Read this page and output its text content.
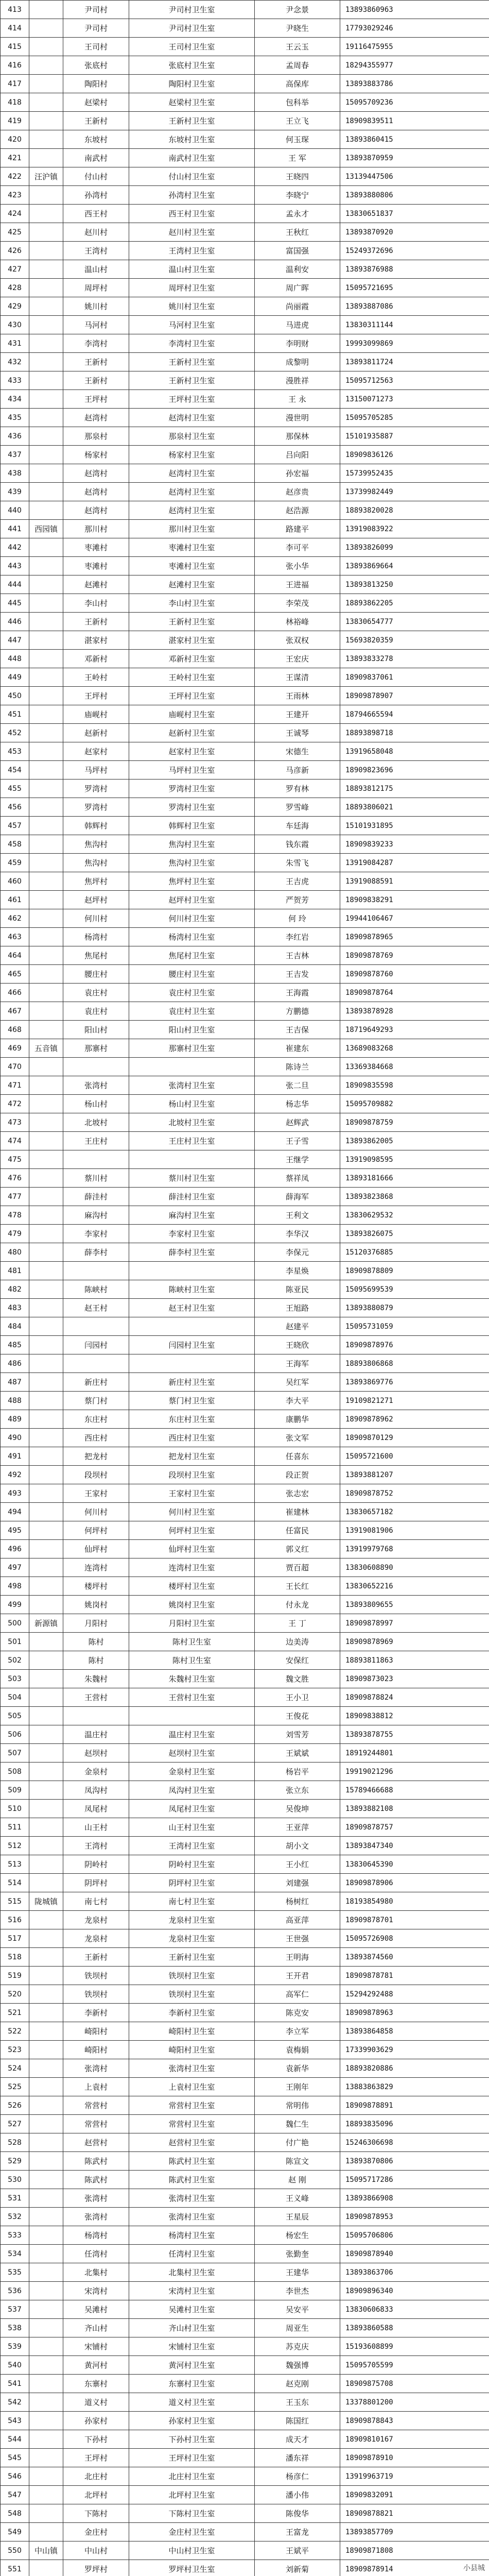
413		尹司村	尹司村卫生室	尹念景	13893860963
414		尹司村	尹司村卫生室	尹晓生	17793029246
415		王司村	王司村卫生室	王云玉	19116475955
416		张底村	张底村卫生室	孟周春	18294355977
417		陶阳村	陶阳村卫生室	高保库	13893883786
418		赵梁村	赵梁村卫生室	包科举	15095709236
419		王新村	王新村卫生室	王立飞	18909839511
420		东坡村	东坡村卫生室	何玉琛	13893860415
421		南武村	南武村卫生室	王 军	13893870959
422	汪沪镇	付山村	付山村卫生室	王晓四	13139447506
423		孙湾村	孙湾村卫生室	李晓宁	13893880806
424		西王村	西王村卫生室	孟永才	13830651837
425		赵川村	赵川村卫生室	王秋红	13893870920
426		王湾村	王湾村卫生室	富国强	15249372696
427		温山村	温山村卫生室	温利安	13893876988
428		周坪村	周坪村卫生室	周广晖	15095721695
429		姚川村	姚川村卫生室	尚丽霞	13893887086
430		马河村	马河村卫生室	马进虎	13830311144
431		李湾村	李湾村卫生室	李明财	19993099869
432		王新村	王新村卫生室	成黎明	13893811724
433		王新村	王新村卫生室	漫胜祥	15095712563
434		王坪村	王坪村卫生室	王 永	13150071273
435		赵湾村	赵湾村卫生室	漫世明	15095705285
436		那泉村	那泉村卫生室	那保林	15101935887
437		杨家村	杨家村卫生室	吕向阳	18909836126
438		赵湾村	赵湾村卫生室	孙宏福	15739952435
439		赵湾村	赵湾村卫生室	赵彦贵	13739982449
440		赵湾村	赵湾村卫生室	赵浩源	18893820028
441	西园镇	那川村	那川村卫生室	路建平	13919083922
442		枣滩村	枣滩村卫生室	李可平	13893826099
443		枣滩村	枣滩村卫生室	张小华	13893869664
444		赵滩村	赵滩村卫生室	王进福	13893813250
445		李山村	李山村卫生室	李荣茂	18893862205
446		王新村	王新村卫生室	林裕峰	13830654777
447		湛家村	湛家村卫生室	张双权	15693820359
448		邓新村	邓新村卫生室	王宏庆	13893833278
449		王岭村	王岭村卫生室	王谋清	18909837061
450		王坪村	王坪村卫生室	王雨林	18909878907
451		庙岘村	庙岘村卫生室	王建开	18794665594
452		赵新村	赵新村卫生室	王诚琴	18893898718
453		赵家村	赵家村卫生室	宋德生	13919658048
454		马坪村	马坪村卫生室	马彦新	18909823696
455		罗湾村	罗湾村卫生室	罗有林	18893812175
456		罗湾村	罗湾村卫生室	罗雪峰	18893806021
457		韩辉村	韩辉村卫生室	车廷海	15101931895
458		焦沟村	焦沟村卫生室	钱东霞	18909839233
459		焦沟村	焦沟村卫生室	朱雪飞	13919084287
460		焦坪村	焦坪村卫生室	王吉虎	13919088591
461		赵坪村	赵坪村卫生室	严贺芳	18909838291
462		何川村	何川村卫生室	何 玲	19944106467
463		杨湾村	杨湾村卫生室	李红岩	18909878965
464		焦尾村	焦尾村卫生室	王吉林	18909878769
465		腰庄村	腰庄村卫生室	王吉发	18909878760
466		袁庄村	袁庄村卫生室	王海霞	18909878764
467		袁庄村	袁庄村卫生室	方鹏德	13893878928
468		阳山村	阳山村卫生室	王吉保	18719649293
469	五音镇	那寨村	那寨村卫生室	崔建东	13689083268
470				陈诗兰	13369384668
471		张湾村	张湾村卫生室	张二旦	18909835598
472		杨山村	杨山村卫生室	杨志华	15095709882
473		北坡村	北坡村卫生室	赵辉武	18909878759
474		王庄村	王庄村卫生室	王子雪	13893862005
475				王继学	13919098595
476		蔡川村	蔡川村卫生室	蔡祥凤	13893181666
477		薛洼村	薛洼村卫生室	薛海军	13893823868
478		麻沟村	麻沟村卫生室	王利文	13830629532
479		李家村	李家村卫生室	李华汉	13893826075
480		薛李村	薛李村卫生室	李保元	15120376885
481				李星焕	18909878809
482		陈峡村	陈峡村卫生室	陈亚民	15095699539
483		赵王村	赵王村卫生室	王旭路	13893880879
484				赵建平	15095731059
485		闫园村	闫园村卫生室	王晓欣	18909878976
486				王海军	18893806868
487		新庄村	新庄村卫生室	吴红军	13893869776
488		蔡门村	蔡门村卫生室	李大平	19109821271
489		东庄村	东庄村卫生室	康鹏华	18909878962
490		西庄村	西庄村卫生室	张文军	18909870129
491		把龙村	把龙村卫生室	任喜东	15095721600
492		段坝村	段坝村卫生室	段正贺	13893881207
493		王家村	王家村卫生室	张志宏	18909878752
494		何川村	何川村卫生室	崔建林	13830657182
495		何坪村	何坪村卫生室	任富民	13919081906
496		仙坪村	仙坪村卫生室	郭义红	13919979768
497		连湾村	连湾村卫生室	贾百超	13830608890
498		楼坪村	楼坪村卫生室	王长红	13830652216
499		姚岗村	姚岗村卫生室	付永龙	13893809655
500	新源镇	月阳村	月阳村卫生室	王 丁	18909878997
501		陈村	陈村卫生室	边美涛	18909878969
502		陈村	陈村卫生室	安保红	18893811863
503		朱魏村	朱魏村卫生室	魏文胜	18909873023
504		王营村	王营村卫生室	王小卫	18909878824
505				王俊花	18909838812
506		温庄村	温庄村卫生室	刘雪芳	13893878755
507		赵坝村	赵坝村卫生室	王斌斌	18919244801
508		金泉村	金泉村卫生室	杨岩平	19919021296
509		凤沟村	凤沟村卫生室	张立东	15789466688
510		凤尾村	凤尾村卫生室	吴俊坤	13893882108
511		山王村	山王村卫生室	王亚萍	18909878757
512		王湾村	王湾村卫生室	胡小文	13893847340
513		阴岭村	阴岭村卫生室	王小红	13830645390
514		阴坪村	阴坪村卫生室	刘建强	18909878906
515	陇城镇	南七村	南七村卫生室	杨树红	18193854980
516		龙泉村	龙泉村卫生室	高亚萍	18909878701
517		龙泉村	龙泉村卫生室	王世强	15095726908
518		王新村	王新村卫生室	王明海	13893874560
519		铁坝村	铁坝村卫生室	王开君	18909878781
520		铁坝村	铁坝村卫生室	高军仁	15294292488
521		李新村	李新村卫生室	陈克安	18909878963
522		崎阳村	崎阳村卫生室	李立军	13893864858
523		崎阳村	崎阳村卫生室	袁梅娟	17339903629
524		张湾村	张湾村卫生室	袁新华	18893820886
525		上袁村	上袁村卫生室	王刚年	13883863829
526		常营村	常营村卫生室	常明伟	18909878891
527		常营村	常营村卫生室	魏仁生	18893835096
528		赵营村	赵营村卫生室	付广艳	15246306698
529		陈武村	陈武村卫生室	陈宣文	13893870806
530		陈武村	陈武村卫生室	赵 刚	15095717286
531		张湾村	张湾村卫生室	王义峰	13893866908
532		张湾村	张湾村卫生室	王星辰	18909878953
533		杨湾村	杨湾村卫生室	杨宏生	15095706806
534		任湾村	任湾村卫生室	张勤奎	18909878940
535		北集村	北集村卫生室	王建华	13893863706
536		宋湾村	宋湾村卫生室	李世杰	18909896340
537		吴滩村	吴滩村卫生室	吴安平	13830606833
538		齐山村	齐山村卫生室	周亚生	13893860588
539		宋铺村	宋铺村卫生室	苏克庆	15193608899
540		黄河村	黄河村卫生室	魏强博	15095705599
541		东寨村	东寨村卫生室	赵克刚	18909875708
542		道义村	道义村卫生室	王玉东	13378801200
543		孙家村	孙家村卫生室	陈国红	18909878843
544		下孙村	下孙村卫生室	成天才	18909810167
545		王坪村	王坪村卫生室	潘东祥	18909878910
546		北庄村	北庄村卫生室	杨彦仁	13919963719
547		北坪村	北坪村卫生室	潘小伟	18909832091
548		下陈村	下陈村卫生室	陈俊华	18909878821
549		金庄村	金庄村卫生室	王富龙	13893857709
550	中山镇	中山村	中山村卫生室	王斌平	18909871808
551		罗坪村	罗坪村卫生室	刘新菊	18909878914

						小县城
